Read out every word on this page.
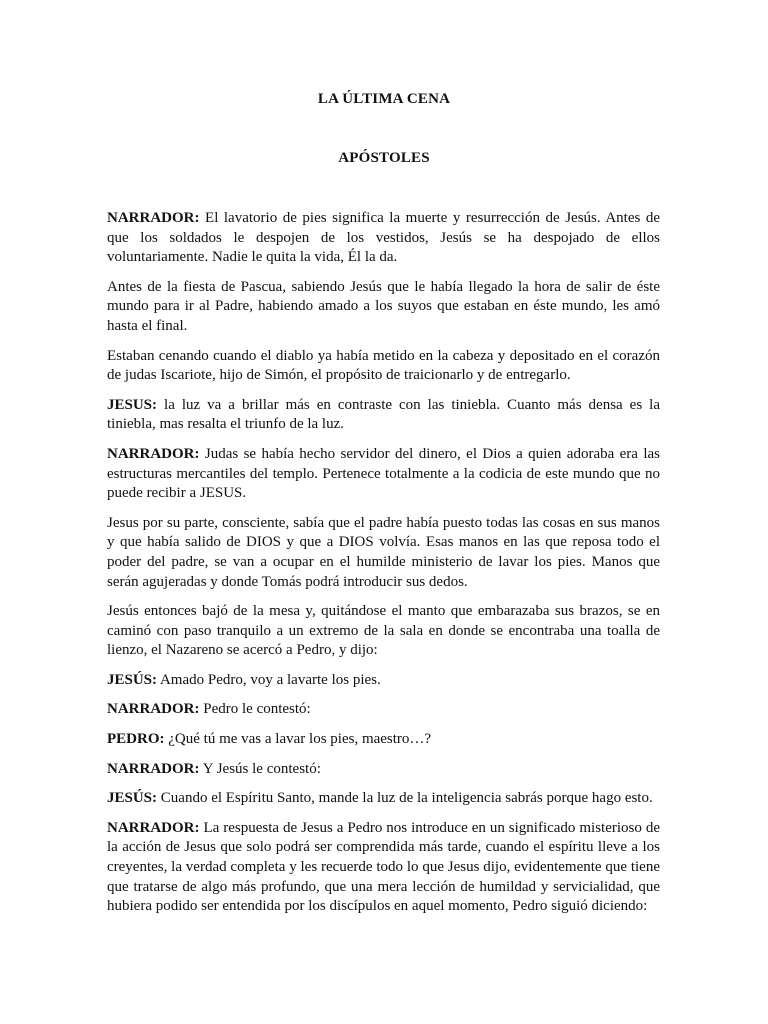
LA ÚLTIMA CENA
APÓSTOLES

NARRADOR: El lavatorio de pies significa la muerte y resurrección de Jesús. Antes de que los soldados le despojen de los vestidos, Jesús se ha despojado de ellos voluntariamente. Nadie le quita la vida, Él la da.

Antes de la fiesta de Pascua, sabiendo Jesús que le había llegado la hora de salir de éste mundo para ir al Padre, habiendo amado a los suyos que estaban en éste mundo, les amó hasta el final.

Estaban cenando cuando el diablo ya había metido en la cabeza y depositado en el corazón de judas Iscariote, hijo de Simón, el propósito de traicionarlo y de entregarlo.

JESUS: la luz va a brillar más en contraste con las tiniebla. Cuanto más densa es la tiniebla, mas resalta el triunfo de la luz.

NARRADOR: Judas se había hecho servidor del dinero, el Dios a quien adoraba era las estructuras mercantiles del templo. Pertenece totalmente a la codicia de este mundo que no puede recibir a JESUS.

Jesus por su parte, consciente, sabía que el padre había puesto todas las cosas en sus manos y que había salido de DIOS y que a DIOS volvía. Esas manos en las que reposa todo el poder del padre, se van a ocupar en el humilde ministerio de lavar los pies. Manos que serán agujeradas y donde Tomás podrá introducir sus dedos.

Jesús entonces bajó de la mesa y, quitándose el manto que embarazaba sus brazos, se en caminó con paso tranquilo a un extremo de la sala en donde se encontraba una toalla de lienzo, el Nazareno se acercó a Pedro, y dijo:

JESÚS: Amado Pedro, voy a lavarte los pies.

NARRADOR: Pedro le contestó:

PEDRO: ¿Qué tú me vas a lavar los pies, maestro…?

NARRADOR: Y Jesús le contestó:

JESÚS: Cuando el Espíritu Santo, mande la luz de la inteligencia sabrás porque hago esto.

NARRADOR: La respuesta de Jesus a Pedro nos introduce en un significado misterioso de la acción de Jesus que solo podrá ser comprendida más tarde, cuando el espíritu lleve a los creyentes, la verdad completa y les recuerde todo lo que Jesus dijo, evidentemente que tiene que tratarse de algo más profundo, que una mera lección de humildad y servicialidad, que hubiera podido ser entendida por los discípulos en aquel momento, Pedro siguió diciendo:
